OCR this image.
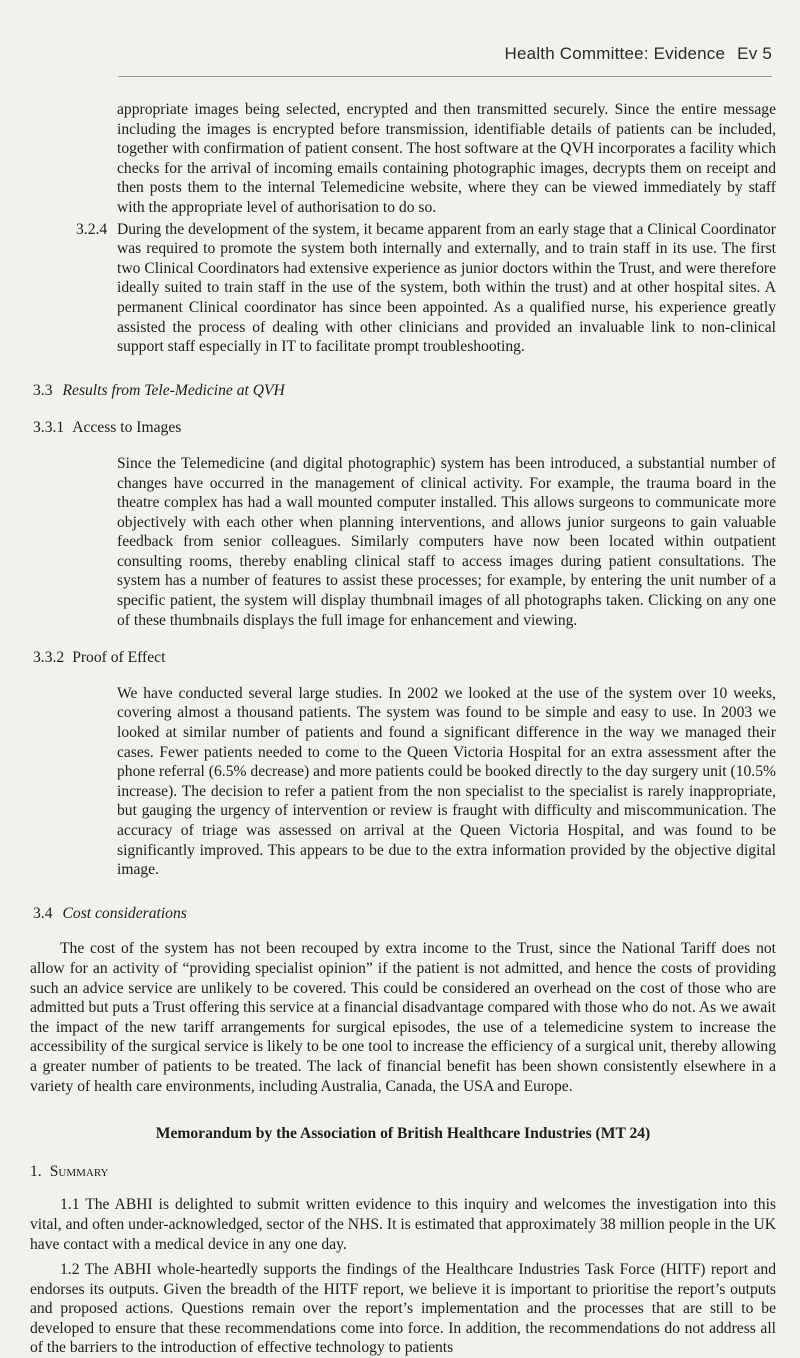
Health Committee: Evidence Ev 5

appropriate images being selected, encrypted and then transmitted securely. Since the entire message including the images is encrypted before transmission, identifiable details of patients can be included, together with confirmation of patient consent. The host software at the QVH incorporates a facility which checks for the arrival of incoming emails containing photographic images, decrypts them on receipt and then posts them to the internal Telemedicine website, where they can be viewed immediately by staff with the appropriate level of authorisation to do so.

3.2.4 During the development of the system, it became apparent from an early stage that a Clinical Coordinator was required to promote the system both internally and externally, and to train staff in its use. The first two Clinical Coordinators had extensive experience as junior doctors within the Trust, and were therefore ideally suited to train staff in the use of the system, both within the trust) and at other hospital sites. A permanent Clinical coordinator has since been appointed. As a qualified nurse, his experience greatly assisted the process of dealing with other clinicians and provided an invaluable link to non-clinical support staff especially in IT to facilitate prompt troubleshooting.

3.3 Results from Tele-Medicine at QVH
3.3.1 Access to Images

Since the Telemedicine (and digital photographic) system has been introduced, a substantial number of changes have occurred in the management of clinical activity. For example, the trauma board in the theatre complex has had a wall mounted computer installed. This allows surgeons to communicate more objectively with each other when planning interventions, and allows junior surgeons to gain valuable feedback from senior colleagues. Similarly computers have now been located within outpatient consulting rooms, thereby enabling clinical staff to access images during patient consultations. The system has a number of features to assist these processes; for example, by entering the unit number of a specific patient, the system will display thumbnail images of all photographs taken. Clicking on any one of these thumbnails displays the full image for enhancement and viewing.

3.3.2 Proof of Effect

We have conducted several large studies. In 2002 we looked at the use of the system over 10 weeks, covering almost a thousand patients. The system was found to be simple and easy to use. In 2003 we looked at similar number of patients and found a significant difference in the way we managed their cases. Fewer patients needed to come to the Queen Victoria Hospital for an extra assessment after the phone referral (6.5% decrease) and more patients could be booked directly to the day surgery unit (10.5% increase). The decision to refer a patient from the non specialist to the specialist is rarely inappropriate, but gauging the urgency of intervention or review is fraught with difficulty and miscommunication. The accuracy of triage was assessed on arrival at the Queen Victoria Hospital, and was found to be significantly improved. This appears to be due to the extra information provided by the objective digital image.

3.4 Cost considerations

The cost of the system has not been recouped by extra income to the Trust, since the National Tariff does not allow for an activity of “providing specialist opinion” if the patient is not admitted, and hence the costs of providing such an advice service are unlikely to be covered. This could be considered an overhead on the cost of those who are admitted but puts a Trust offering this service at a financial disadvantage compared with those who do not. As we await the impact of the new tariff arrangements for surgical episodes, the use of a telemedicine system to increase the accessibility of the surgical service is likely to be one tool to increase the efficiency of a surgical unit, thereby allowing a greater number of patients to be treated. The lack of financial benefit has been shown consistently elsewhere in a variety of health care environments, including Australia, Canada, the USA and Europe.

Memorandum by the Association of British Healthcare Industries (MT 24)
1. Summary

1.1 The ABHI is delighted to submit written evidence to this inquiry and welcomes the investigation into this vital, and often under-acknowledged, sector of the NHS. It is estimated that approximately 38 million people in the UK have contact with a medical device in any one day.

1.2 The ABHI whole-heartedly supports the findings of the Healthcare Industries Task Force (HITF) report and endorses its outputs. Given the breadth of the HITF report, we believe it is important to prioritise the report’s outputs and proposed actions. Questions remain over the report’s implementation and the processes that are still to be developed to ensure that these recommendations come into force. In addition, the recommendations do not address all of the barriers to the introduction of effective technology to patients
